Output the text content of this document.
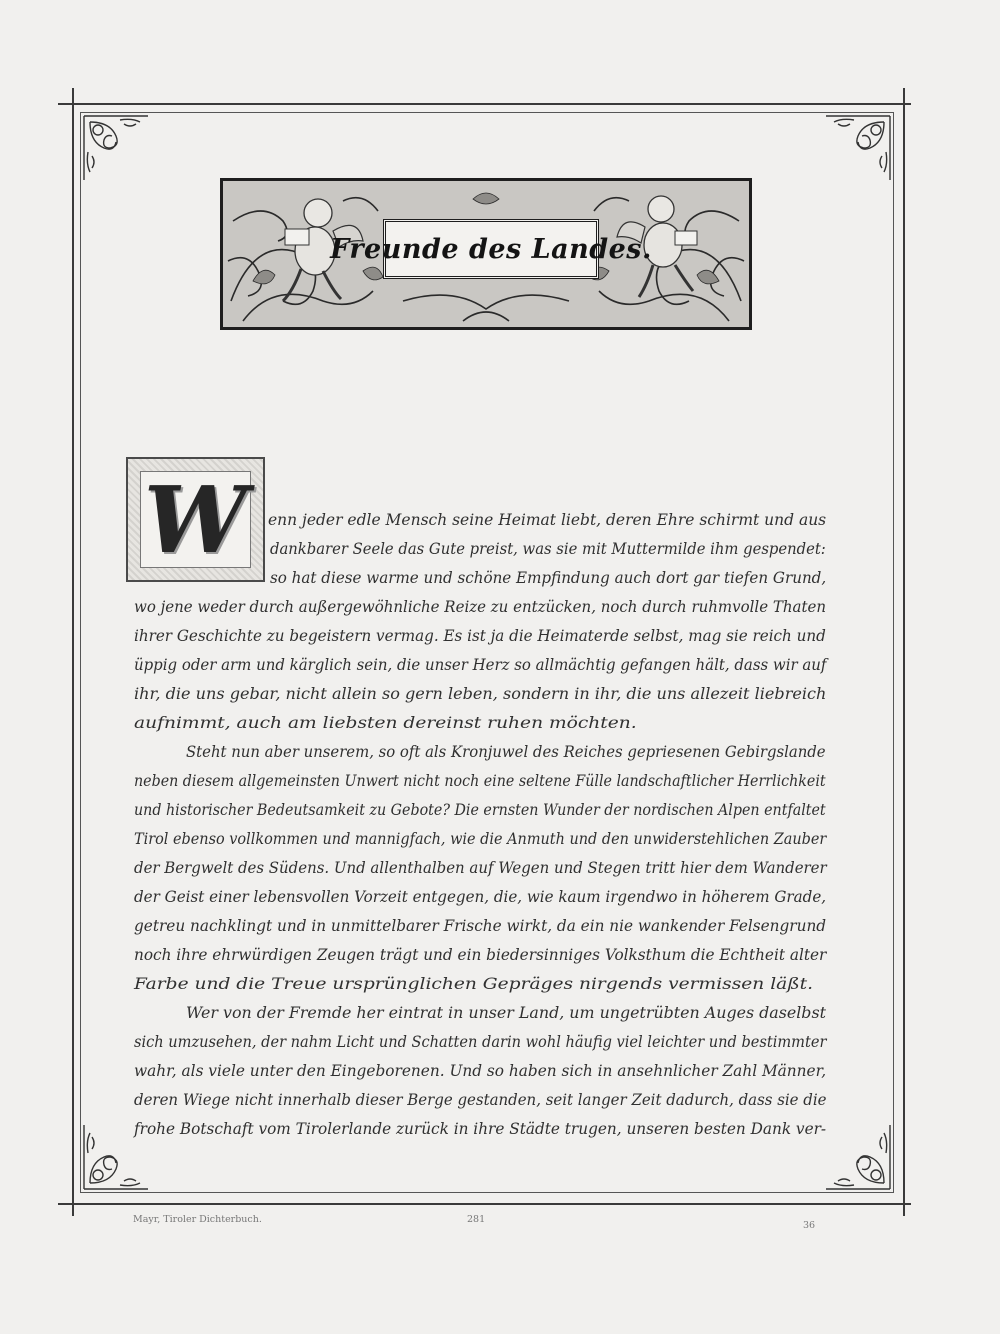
Freunde des Landes.
W enn jeder edle Mensch seine Heimat liebt, deren Ehre schirmt und aus
dankbarer Seele das Gute preist, was sie mit Muttermilde ihm gespendet:
so hat diese warme und schöne Empfindung auch dort gar tiefen Grund,
wo jene weder durch außergewöhnliche Reize zu entzücken, noch durch ruhmvolle Thaten
ihrer Geschichte zu begeistern vermag. Es ist ja die Heimaterde selbst, mag sie reich und
üppig oder arm und kärglich sein, die unser Herz so allmächtig gefangen hält, dass wir auf
ihr, die uns gebar, nicht allein so gern leben, sondern in ihr, die uns allezeit liebreich
aufnimmt, auch am liebsten dereinst ruhen möchten.
Steht nun aber unserem, so oft als Kronjuwel des Reiches gepriesenen Gebirgslande
neben diesem allgemeinsten Unwert nicht noch eine seltene Fülle landschaftlicher Herrlichkeit
und historischer Bedeutsamkeit zu Gebote? Die ernsten Wunder der nordischen Alpen entfaltet
Tirol ebenso vollkommen und mannigfach, wie die Anmuth und den unwiderstehlichen Zauber
der Bergwelt des Südens. Und allenthalben auf Wegen und Stegen tritt hier dem Wanderer
der Geist einer lebensvollen Vorzeit entgegen, die, wie kaum irgendwo in höherem Grade,
getreu nachklingt und in unmittelbarer Frische wirkt, da ein nie wankender Felsengrund
noch ihre ehrwürdigen Zeugen trägt und ein biedersinniges Volksthum die Echtheit alter
Farbe und die Treue ursprünglichen Gepräges nirgends vermissen läßt.
Wer von der Fremde her eintrat in unser Land, um ungetrübten Auges daselbst
sich umzusehen, der nahm Licht und Schatten darin wohl häufig viel leichter und bestimmter
wahr, als viele unter den Eingeborenen. Und so haben sich in ansehnlicher Zahl Männer,
deren Wiege nicht innerhalb dieser Berge gestanden, seit langer Zeit dadurch, dass sie die
frohe Botschaft vom Tirolerlande zurück in ihre Städte trugen, unseren besten Dank ver-
Mayr, Tiroler Dichterbuch.	281
36
